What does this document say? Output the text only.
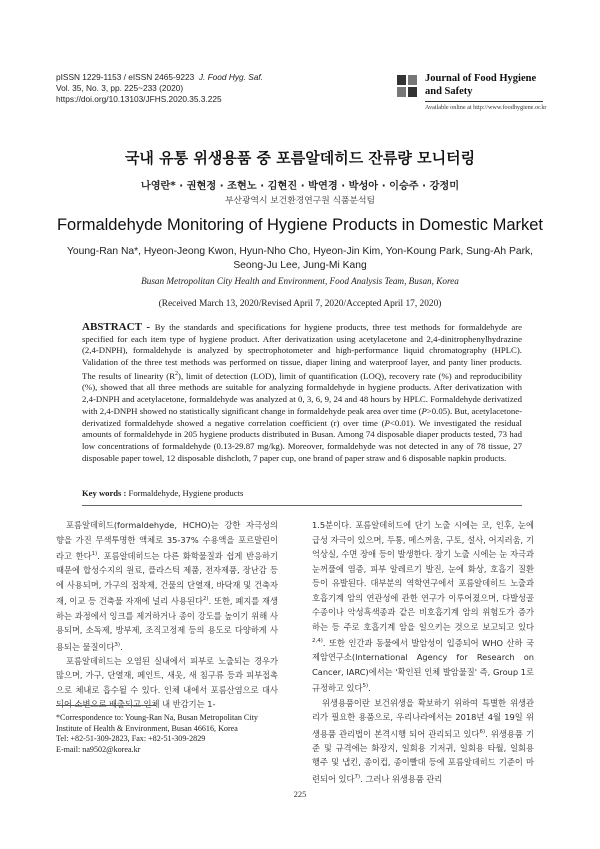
pISSN 1229-1153 / eISSN 2465-9223 J. Food Hyg. Saf.
Vol. 35, No. 3, pp. 225~233 (2020)
https://doi.org/10.13103/JFHS.2020.35.3.225
Journal of Food Hygiene
and Safety
Available online at http://www.foodhygiene.or.kr
국내 유통 위생용품 중 포름알데히드 잔류량 모니터링
나영란* · 권현정 · 조현노 · 김현진 · 박연경 · 박성아 · 이승주 · 강정미
부산광역시 보건환경연구원 식품분석팀
Formaldehyde Monitoring of Hygiene Products in Domestic Market
Young-Ran Na*, Hyeon-Jeong Kwon, Hyun-Nho Cho, Hyeon-Jin Kim, Yon-Koung Park, Sung-Ah Park,
Seong-Ju Lee, Jung-Mi Kang
Busan Metropolitan City Health and Environment, Food Analysis Team, Busan, Korea
(Received March 13, 2020/Revised April 7, 2020/Accepted April 17, 2020)
ABSTRACT - By the standards and specifications for hygiene products, three test methods for formaldehyde are specified for each item type of hygiene product. After derivatization using acetylacetone and 2,4-dinitrophenylhydrazine (2,4-DNPH), formaldehyde is analyzed by spectrophotometer and high-performance liquid chromatography (HPLC). Validation of the three test methods was performed on tissue, diaper lining and waterproof layer, and panty liner products. The results of linearity $(R^2)$, limit of detection (LOD), limit of quantification (LOQ), recovery rate (%) and reproducibility (%), showed that all three methods are suitable for analyzing formaldehyde in hygiene products. After derivatization with 2,4-DNPH and acetylacetone, formaldehyde was analyzed at 0, 3, 6, 9, 24 and 48 hours by HPLC. Formaldehyde derivatized with 2,4-DNPH showed no statistically significant change in formaldehyde peak area over time (P>0.05). But, acetylacetone-derivatized formaldehyde showed a negative correlation coefficient (r) over time (P<0.01). We investigated the residual amounts of formaldehyde in 205 hygiene products distributed in Busan. Among 74 disposable diaper products tested, 73 had low concentrations of formaldehyde (0.13-29.87 mg/kg). Moreover, formaldehyde was not detected in any of 78 tissue, 27 disposable paper towel, 12 disposable dishcloth, 7 paper cup, one brand of paper straw and 6 disposable napkin products.
Key words : Formaldehyde, Hygiene products

포름알데히드(formaldehyde, HCHO)는 강한 자극성의 향을 가진 무색투명한 액체로 35-37% 수용액을 포르말린이라고 한다$^{1)}$. 포름알데히드는 다른 화학물질과 쉽게 반응하기 때문에 합성수지의 원료, 플라스틱 제품, 전자제품, 장난감 등에 사용되며, 가구의 접착제, 건물의 단열재, 바닥재 및 건축자재, 이교 등 건축물 자재에 널리 사용된다$^{2)}$. 또한, 폐지를 재생하는 과정에서 잉크를 제거하거나 종이 강도를 높이기 위해 사용되며, 소독제, 방부제, 조직고정제 등의 용도로 다양하게 사용되는 물질이다$^{3)}$.

포름알데히드는 오염된 실내에서 피부로 노출되는 경우가 많으며, 가구, 단열재, 페인트, 새옷, 새 침구류 등과 피부접촉으로 체내로 흡수될 수 있다. 인체 내에서 포름산염으로 대사되어 소변으로 배출되고 인체 내 반감기는 1-

1.5분이다. 포름알데히드에 단기 노출 시에는 코, 인후, 눈에 급성 자극이 있으며, 두통, 메스꺼움, 구토, 설사, 어지러움, 기억상실, 수면 장애 등이 발생한다. 장기 노출 시에는 눈 자극과 눈꺼풀에 염증, 피부 알레르기 발진, 눈에 화상, 호흡기 질환 등이 유발된다. 대부분의 역학연구에서 포름알데히드 노출과 호흡기계 암의 연관성에 관한 연구가 이루어졌으며, 다발성골수종이나 악성흑색종과 같은 비호흡기계 암의 위험도가 증가하는 등 주로 호흡기계 암을 일으키는 것으로 보고되고 있다$^{2,4)}$. 또한 인간과 동물에서 발암성이 입증되어 WHO 산하 국제암연구소(International Agency for Research on Cancer, IARC)에서는 '확인된 인체 발암물질' 즉, Group 1로 규정하고 있다$^{5)}$.

위생용품이란 보건위생을 확보하기 위하여 특별한 위생관리가 필요한 용품으로, 우리나라에서는 2018년 4월 19일 위생용품 관리법이 본격시행 되어 관리되고 있다$^{6)}$. 위생용품 기준 및 규격에는 화장지, 일회용 기저귀, 일회용 타월, 일회용 행주 및 냅킨, 종이컵, 종이빨대 등에 포름알데히드 기준이 마련되어 있다$^{7)}$. 그러나 위생용품 관리

*Correspondence to: Young-Ran Na, Busan Metropolitan City Institute of Health & Environment, Busan 46616, Korea
Tel: +82-51-309-2823, Fax: +82-51-309-2829
E-mail: na9502@korea.kr
225
